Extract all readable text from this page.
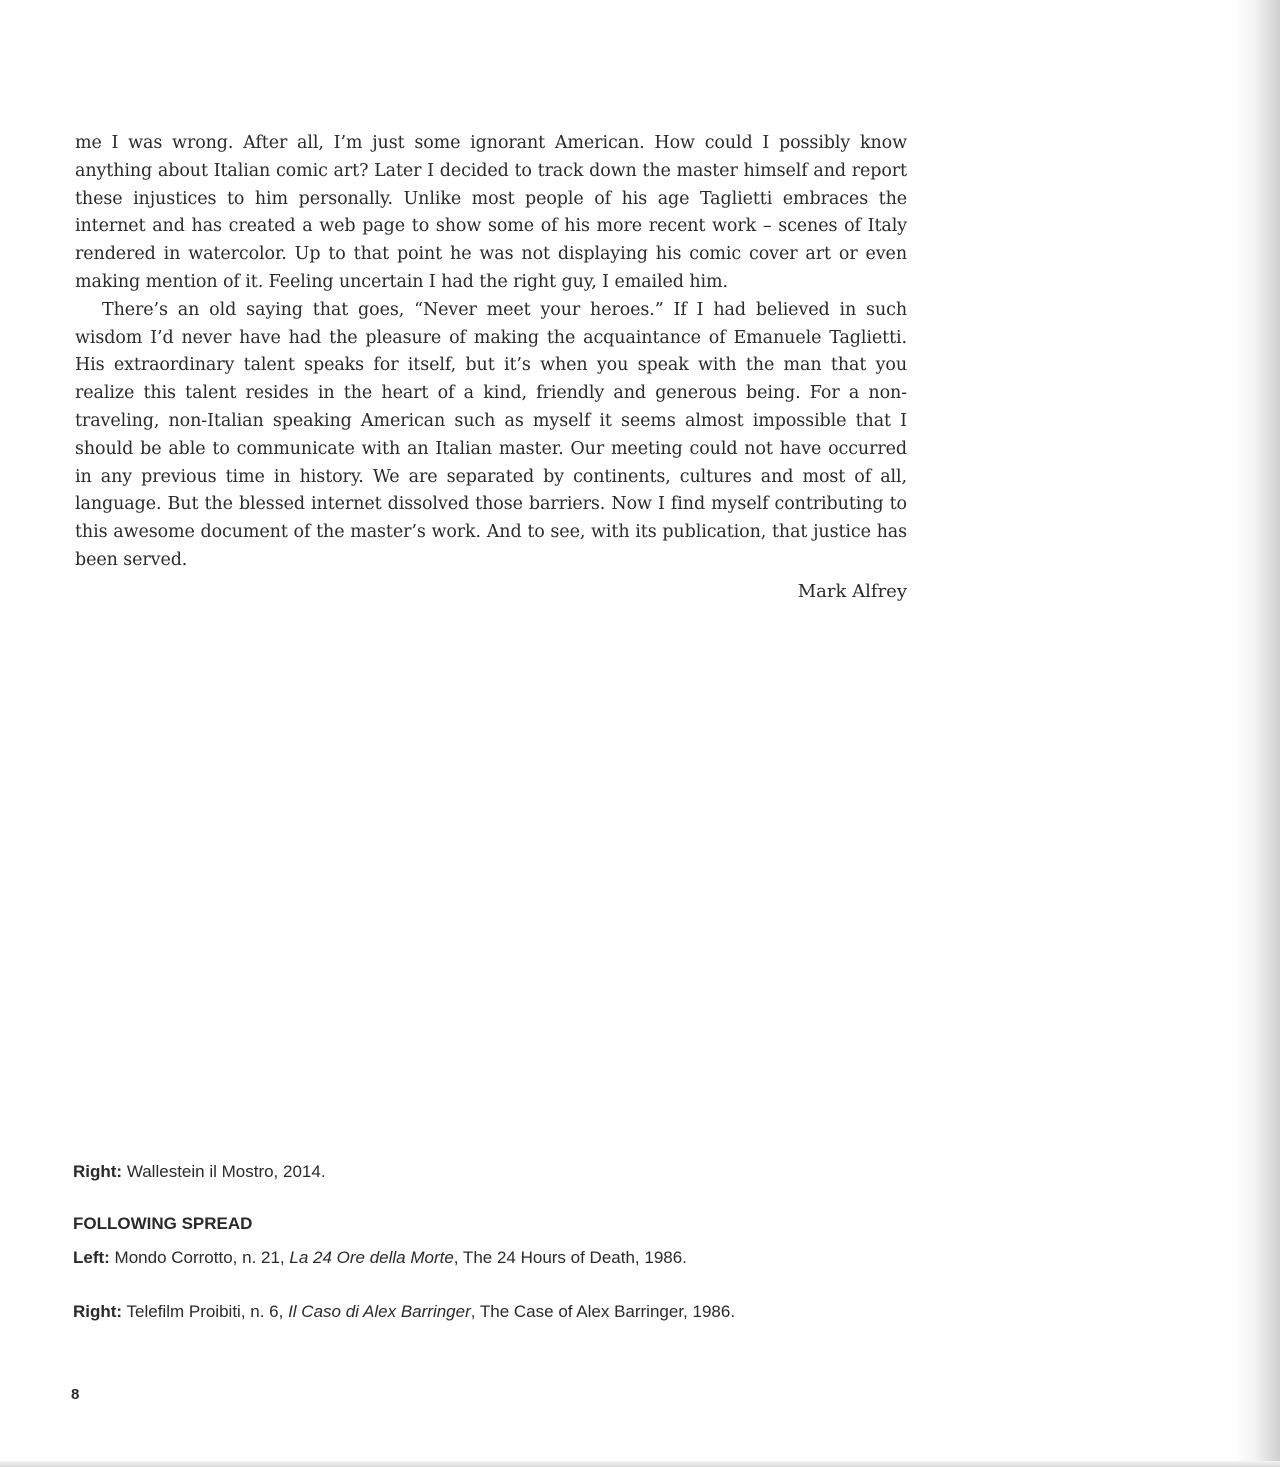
me I was wrong. After all, I’m just some ignorant American. How could I possibly know anything about Italian comic art? Later I decided to track down the master himself and report these injustices to him personally. Unlike most people of his age Taglietti embraces the internet and has created a web page to show some of his more recent work – scenes of Italy rendered in watercolor. Up to that point he was not displaying his comic cover art or even making mention of it. Feeling uncertain I had the right guy, I emailed him.

There’s an old saying that goes, “Never meet your heroes.” If I had believed in such wisdom I’d never have had the pleasure of making the acquaintance of Emanuele Taglietti. His extraordinary talent speaks for itself, but it’s when you speak with the man that you realize this talent resides in the heart of a kind, friendly and generous being. For a non-traveling, non-Italian speaking American such as myself it seems almost impossible that I should be able to communicate with an Italian master. Our meeting could not have occurred in any previous time in history. We are separated by continents, cultures and most of all, language. But the blessed internet dissolved those barriers. Now I find myself contributing to this awesome document of the master’s work. And to see, with its publication, that justice has been served.

Mark Alfrey

Right: Wallestein il Mostro, 2014.

FOLLOWING SPREAD

Left: Mondo Corrotto, n. 21, La 24 Ore della Morte, The 24 Hours of Death, 1986.

Right: Telefilm Proibiti, n. 6, Il Caso di Alex Barringer, The Case of Alex Barringer, 1986.

8
